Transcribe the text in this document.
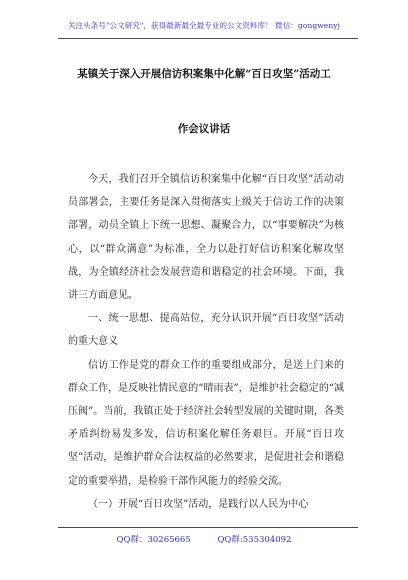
关注头条号"公文研究"，获得最新最全最专业的公文资料库！ 微信：gongwenyj
某镇关于深入开展信访积案集中化解“百日攻坚”活动工
作会议讲话

今天，我们召开全镇信访积案集中化解“百日攻坚”活动动员部署会，主要任务是深入贯彻落实上级关于信访工作的决策部署，动员全镇上下统一思想、凝聚合力，以“事要解决”为核心，以“群众满意”为标准，全力以赴打好信访积案化解攻坚战，为全镇经济社会发展营造和谐稳定的社会环境。下面，我讲三方面意见。

一、统一思想、提高站位，充分认识开展“百日攻坚”活动的重大意义

信访工作是党的群众工作的重要组成部分，是送上门来的群众工作，是反映社情民意的“晴雨表”，是维护社会稳定的“减压阀”。当前，我镇正处于经济社会转型发展的关键时期，各类矛盾纠纷易发多发，信访积案化解任务艰巨。开展“百日攻坚”活动，是维护群众合法权益的必然要求，是促进社会和谐稳定的重要举措，是检验干部作风能力的经验交流。

（一）开展“百日攻坚”活动，是践行以人民为中心

QQ群：30265665	QQ群:535304092
